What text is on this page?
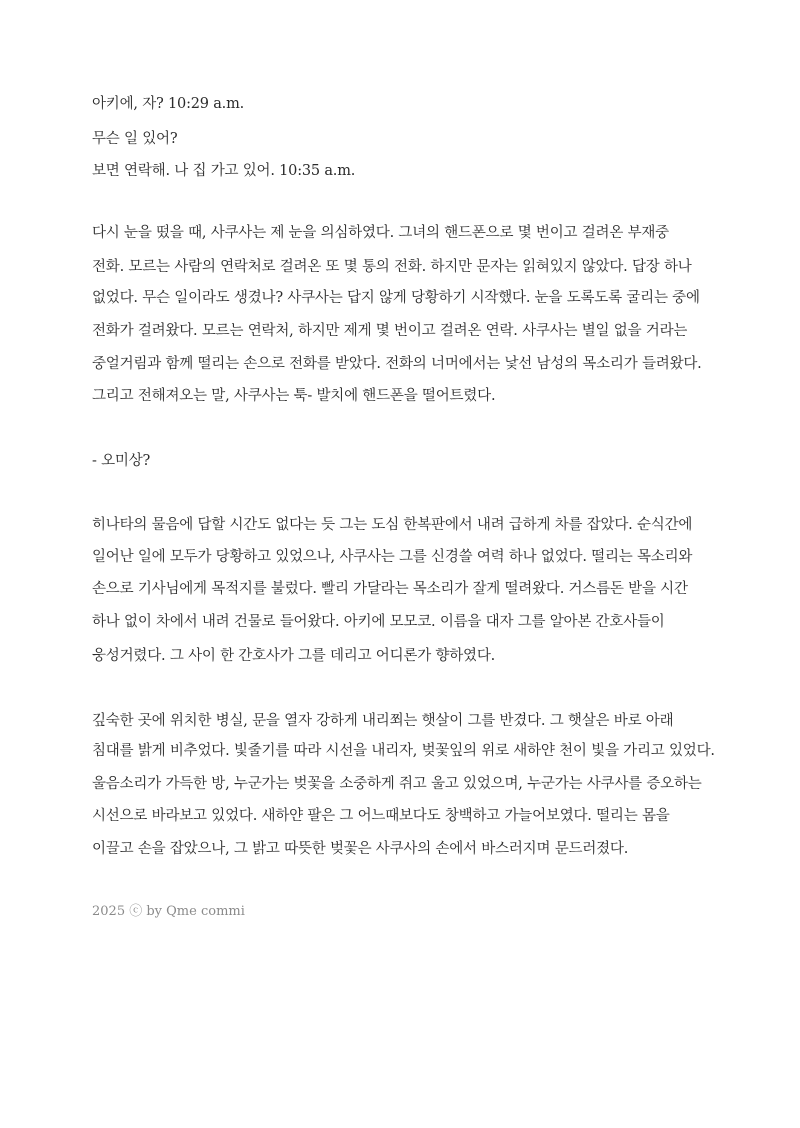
아키에, 자? 10:29 a.m.
무슨 일 있어?
보면 연락해. 나 집 가고 있어. 10:35 a.m.
다시 눈을 떴을 때, 사쿠사는 제 눈을 의심하였다. 그녀의 핸드폰으로 몇 번이고 걸려온 부재중
전화. 모르는 사람의 연락처로 걸려온 또 몇 통의 전화. 하지만 문자는 읽혀있지 않았다. 답장 하나
없었다. 무슨 일이라도 생겼나? 사쿠사는 답지 않게 당황하기 시작했다. 눈을 도록도록 굴리는 중에
전화가 걸려왔다. 모르는 연락처, 하지만 제게 몇 번이고 걸려온 연락. 사쿠사는 별일 없을 거라는
중얼거림과 함께 떨리는 손으로 전화를 받았다. 전화의 너머에서는 낯선 남성의 목소리가 들려왔다.
그리고 전해져오는 말, 사쿠사는 툭- 발치에 핸드폰을 떨어트렸다.
- 오미상?
히나타의 물음에 답할 시간도 없다는 듯 그는 도심 한복판에서 내려 급하게 차를 잡았다. 순식간에
일어난 일에 모두가 당황하고 있었으나, 사쿠사는 그를 신경쓸 여력 하나 없었다. 떨리는 목소리와
손으로 기사님에게 목적지를 불렀다. 빨리 가달라는 목소리가 잘게 떨려왔다. 거스름돈 받을 시간
하나 없이 차에서 내려 건물로 들어왔다. 아키에 모모코. 이름을 대자 그를 알아본 간호사들이
웅성거렸다. 그 사이 한 간호사가 그를 데리고 어디론가 향하였다.
깊숙한 곳에 위치한 병실, 문을 열자 강하게 내리쬐는 햇살이 그를 반겼다. 그 햇살은 바로 아래
침대를 밝게 비추었다. 빛줄기를 따라 시선을 내리자, 벚꽃잎의 위로 새하얀 천이 빛을 가리고 있었다.
울음소리가 가득한 방, 누군가는 벚꽃을 소중하게 쥐고 울고 있었으며, 누군가는 사쿠사를 증오하는
시선으로 바라보고 있었다. 새하얀 팔은 그 어느때보다도 창백하고 가늘어보였다. 떨리는 몸을
이끌고 손을 잡았으나, 그 밝고 따뜻한 벚꽃은 사쿠사의 손에서 바스러지며 문드러졌다.
2025 ⓒ by Qme commi
